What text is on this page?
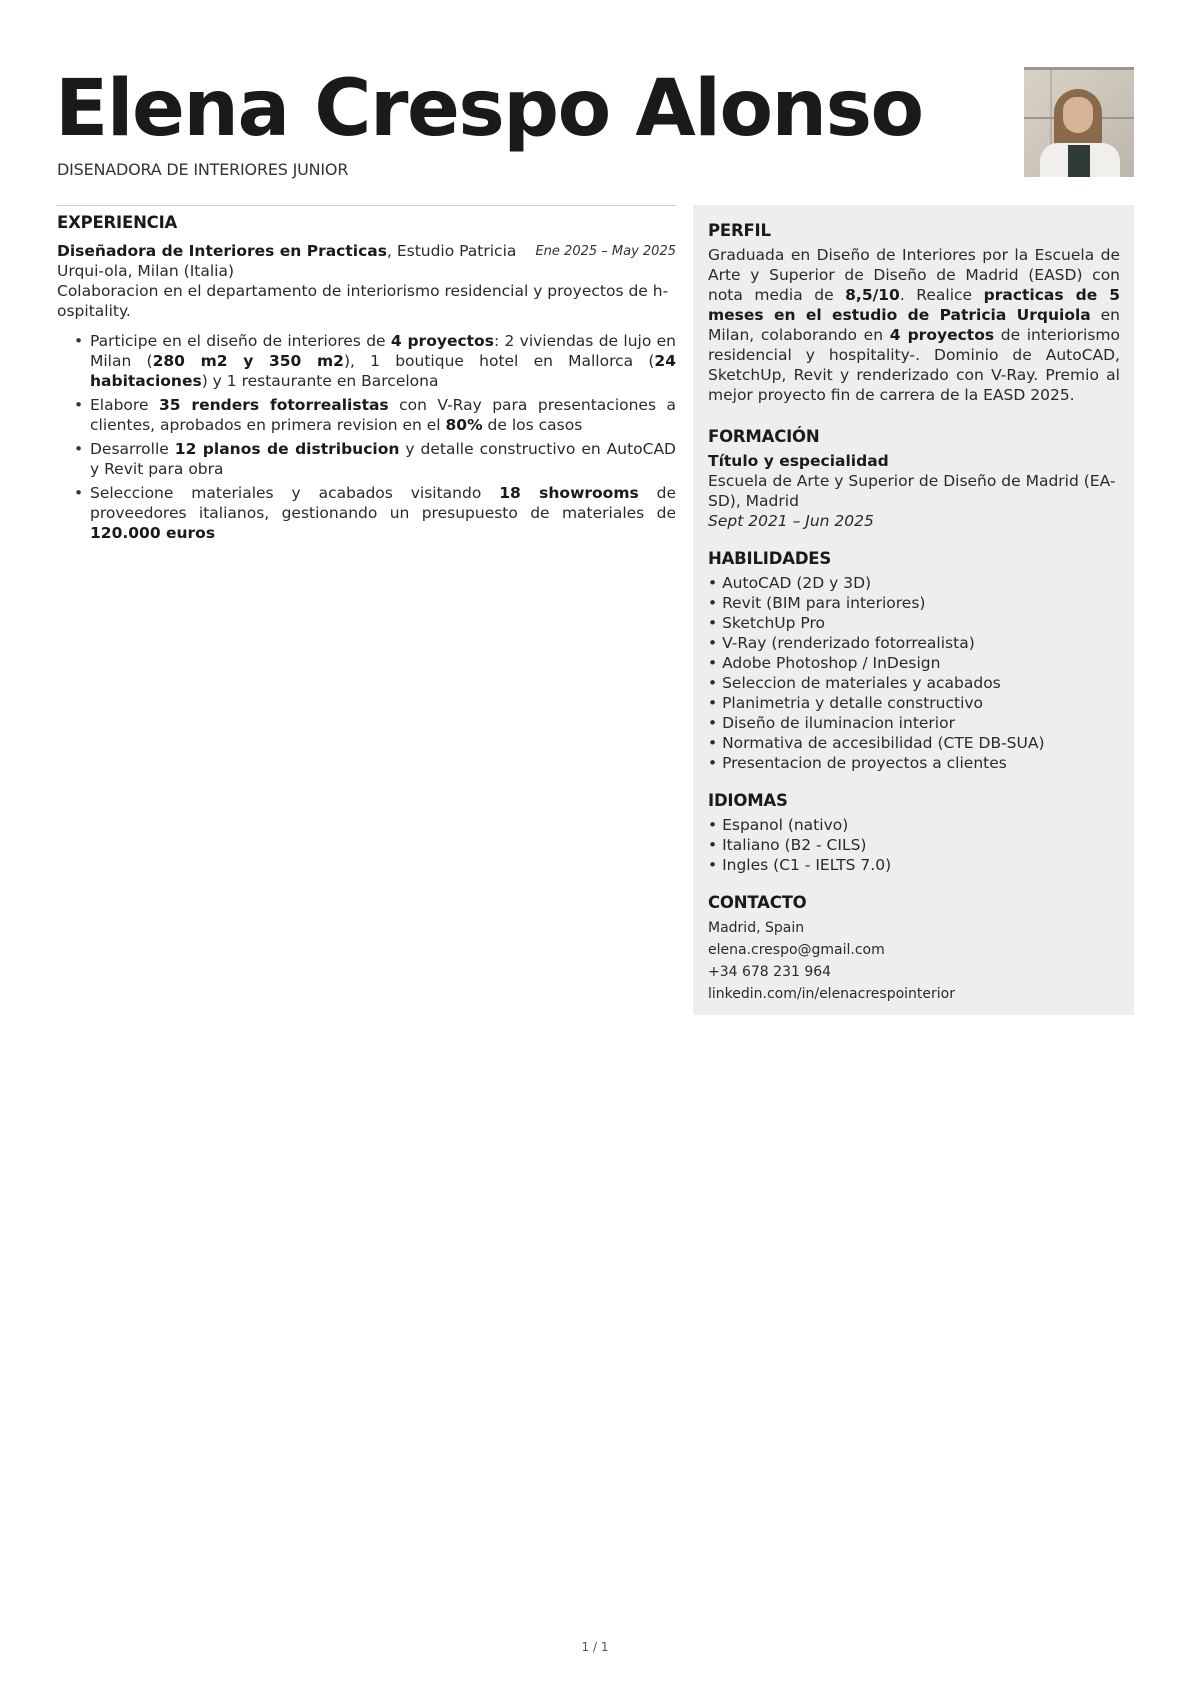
Elena Crespo Alonso
DISENADORA DE INTERIORES JUNIOR
EXPERIENCIA
Diseñadora de Interiores en Practicas, Estudio Patricia Urqui-ola, Milan (Italia)
Ene 2025 – May 2025
Colaboracion en el departamento de interiorismo residencial y proyectos de h-ospitality.
• Participe en el diseño de interiores de 4 proyectos: 2 viviendas de lujo en Milan (280 m2 y 350 m2), 1 boutique hotel en Mallorca (24 habitaciones) y 1 restaurante en Barcelona
• Elabore 35 renders fotorrealistas con V-Ray para presentaciones a clientes, aprobados en primera revision en el 80% de los casos
• Desarrolle 12 planos de distribucion y detalle constructivo en AutoCAD y Revit para obra
• Seleccione materiales y acabados visitando 18 showrooms de proveedores italianos, gestionando un presupuesto de materiales de 120.000 euros
PERFIL
Graduada en Diseño de Interiores por la Escuela de Arte y Superior de Diseño de Madrid (EASD) con nota media de 8,5/10. Realice practicas de 5 meses en el estudio de Patricia Urquiola en Milan, colaborando en 4 proyectos de interiorismo residencial y hospitality-. Dominio de AutoCAD, SketchUp, Revit y renderizado con V-Ray. Premio al mejor proyecto fin de carrera de la EASD 2025.
FORMACIÓN
Título y especialidad
Escuela de Arte y Superior de Diseño de Madrid (EA-SD), Madrid
Sept 2021 – Jun 2025
HABILIDADES
• AutoCAD (2D y 3D)
• Revit (BIM para interiores)
• SketchUp Pro
• V-Ray (renderizado fotorrealista)
• Adobe Photoshop / InDesign
• Seleccion de materiales y acabados
• Planimetria y detalle constructivo
• Diseño de iluminacion interior
• Normativa de accesibilidad (CTE DB-SUA)
• Presentacion de proyectos a clientes
IDIOMAS
• Espanol (nativo)
• Italiano (B2 - CILS)
• Ingles (C1 - IELTS 7.0)
CONTACTO
Madrid, Spain
elena.crespo@gmail.com
+34 678 231 964
linkedin.com/in/elenacrespointerior
1 / 1
